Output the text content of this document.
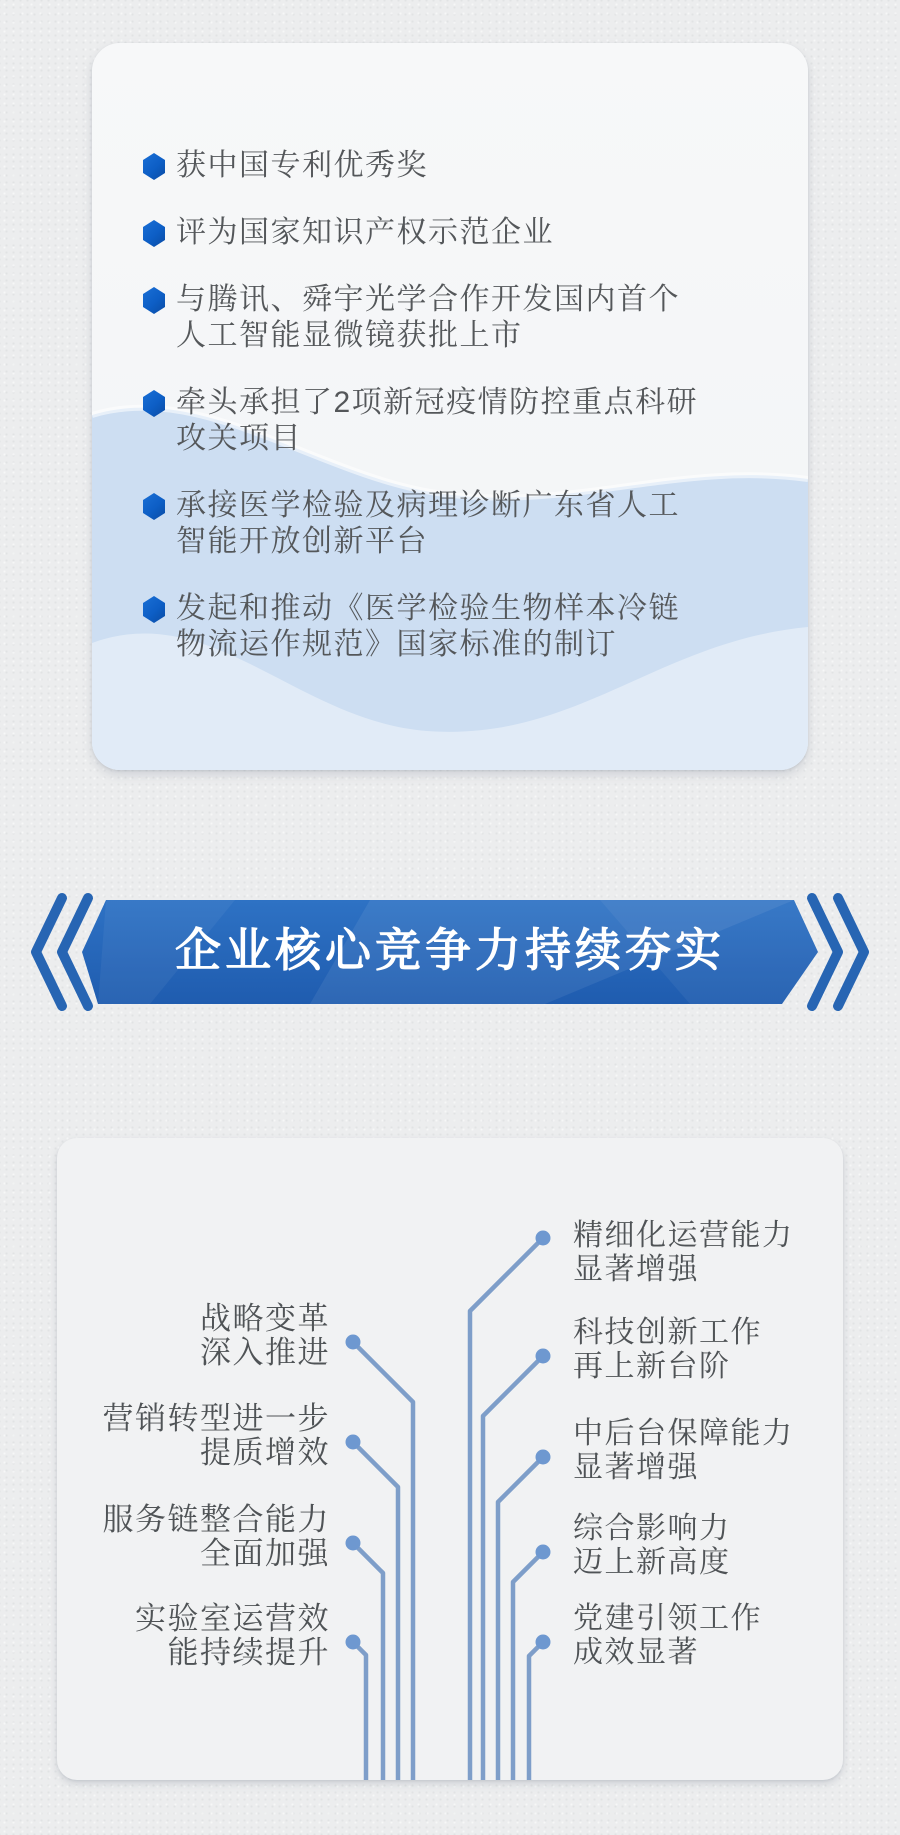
获中国专利优秀奖
评为国家知识产权示范企业
与腾讯、舜宇光学合作开发国内首个
人工智能显微镜获批上市
牵头承担了2项新冠疫情防控重点科研
攻关项目
承接医学检验及病理诊断广东省人工
智能开放创新平台
发起和推动《医学检验生物样本冷链
物流运作规范》国家标准的制订
企业核心竞争力持续夯实
战略变革
深入推进
营销转型进一步
提质增效
服务链整合能力
全面加强
实验室运营效
能持续提升
精细化运营能力
显著增强
科技创新工作
再上新台阶
中后台保障能力
显著增强
综合影响力
迈上新高度
党建引领工作
成效显著
